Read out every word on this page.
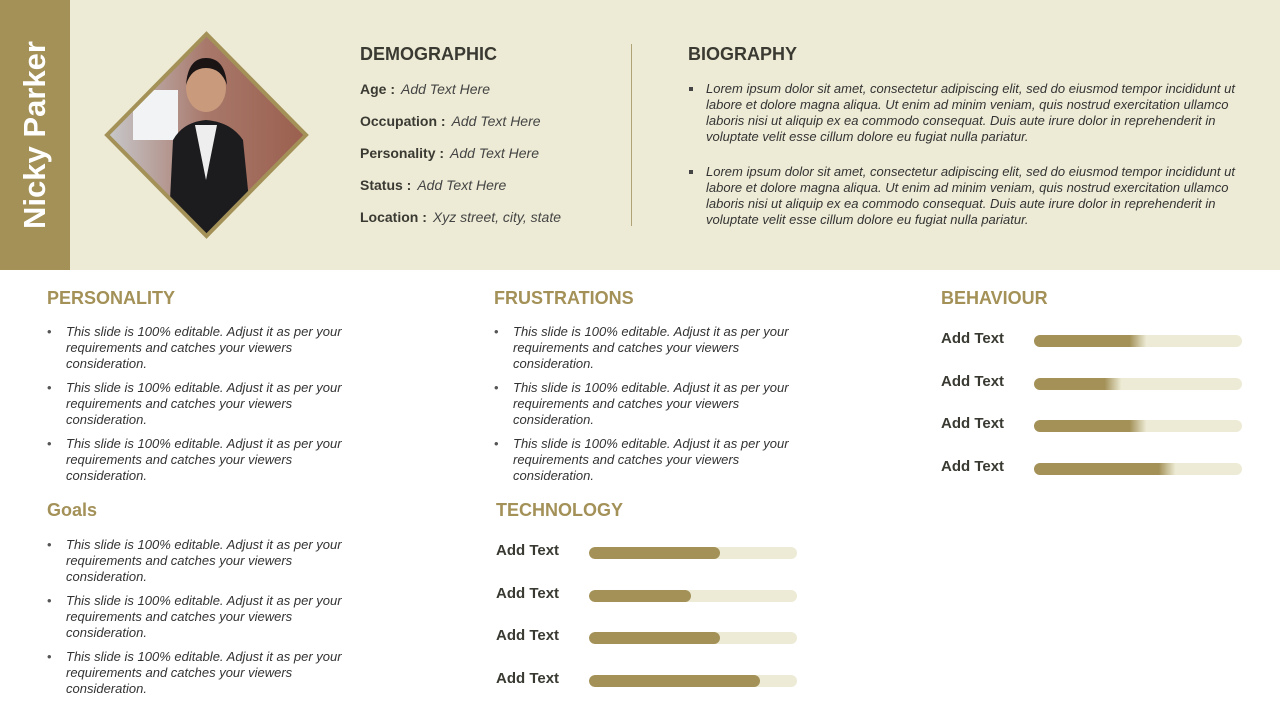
Nicky Parker	DEMOGRAPHIC
Age : Add Text Here
Occupation : Add Text Here
Personality : Add Text Here
Status : Add Text Here
Location : Xyz street, city, state
BIOGRAPHY
Lorem ipsum dolor sit amet, consectetur adipiscing elit, sed do eiusmod tempor incididunt ut labore et dolore magna aliqua. Ut enim ad minim veniam, quis nostrud exercitation ullamco laboris nisi ut aliquip ex ea commodo consequat. Duis aute irure dolor in reprehenderit in voluptate velit esse cillum dolore eu fugiat nulla pariatur.
Lorem ipsum dolor sit amet, consectetur adipiscing elit, sed do eiusmod tempor incididunt ut labore et dolore magna aliqua. Ut enim ad minim veniam, quis nostrud exercitation ullamco laboris nisi ut aliquip ex ea commodo consequat. Duis aute irure dolor in reprehenderit in voluptate velit esse cillum dolore eu fugiat nulla pariatur.
PERSONALITY
• This slide is 100% editable. Adjust it as per your requirements and catches your viewers consideration.
• This slide is 100% editable. Adjust it as per your requirements and catches your viewers consideration.
• This slide is 100% editable. Adjust it as per your requirements and catches your viewers consideration.
Goals
• This slide is 100% editable. Adjust it as per your requirements and catches your viewers consideration.
• This slide is 100% editable. Adjust it as per your requirements and catches your viewers consideration.
• This slide is 100% editable. Adjust it as per your requirements and catches your viewers consideration.
FRUSTRATIONS
• This slide is 100% editable. Adjust it as per your requirements and catches your viewers consideration.
• This slide is 100% editable. Adjust it as per your requirements and catches your viewers consideration.
• This slide is 100% editable. Adjust it as per your requirements and catches your viewers consideration.
TECHNOLOGY
Add Text
Add Text
Add Text
Add Text
BEHAVIOUR
Add Text
Add Text
Add Text
Add Text
